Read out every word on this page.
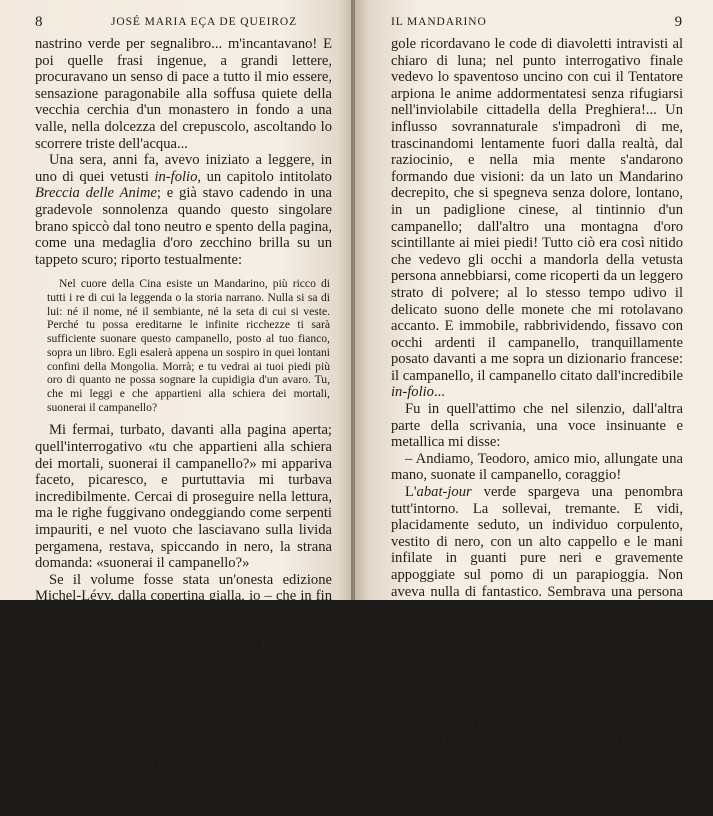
8	JOSÉ MARIA EÇA DE QUEIROZ

nastrino verde per segnalibro... m'incantavano! E poi quelle frasi ingenue, a grandi lettere, procuravano un senso di pace a tutto il mio essere, sensazione paragonabile alla soffusa quiete della vecchia cerchia d'un monastero in fondo a una valle, nella dolcezza del crepuscolo, ascoltando lo scorrere triste dell'acqua...

Una sera, anni fa, avevo iniziato a leggere, in uno di quei vetusti in-folio, un capitolo intitolato Breccia delle Anime; e già stavo cadendo in una gradevole sonnolenza quando questo singolare brano spiccò dal tono neutro e spento della pagina, come una medaglia d'oro zecchino brilla su un tappeto scuro; riporto testualmente:

Nel cuore della Cina esiste un Mandarino, più ricco di tutti i re di cui la leggenda o la storia narrano. Nulla si sa di lui: né il nome, né il sembiante, né la seta di cui si veste. Perché tu possa ereditarne le infinite ricchezze ti sarà sufficiente suonare questo campanello, posto al tuo fianco, sopra un libro. Egli esalerà appena un sospiro in quei lontani confini della Mongolia. Morrà; e tu vedrai ai tuoi piedi più oro di quanto ne possa sognare la cupidigia d'un avaro. Tu, che mi leggi e che appartieni alla schiera dei mortali, suonerai il campanello?

Mi fermai, turbato, davanti alla pagina aperta; quell'interrogativo «tu che appartieni alla schiera dei mortali, suonerai il campanello?» mi appariva faceto, picaresco, e purtuttavia mi turbava incredibilmente. Cercai di proseguire nella lettura, ma le righe fuggivano ondeggiando come serpenti impauriti, e nel vuoto che lasciavano sulla livida pergamena, restava, spiccando in nero, la strana domanda: «suonerai il campanello?»

Se il volume fosse stata un'onesta edizione Michel-Lévy, dalla copertina gialla, io – che in fin dei conti non m'ero smarrito nel ginepraio d'una ballata tedesca, e che dal mio balcone potevo veder biancheggiare alla luce dei gas le correggie della pattuglia di guardia – avrei semplicemente chiuso il libro, dissipando la nervosa allucinazione. Ma quel fosco in-folio pareva esalare una magia; ogni lettera simulava gli inquietanti contorni dei simboli dell'antica cabala, ciascuno dei quali racchiude un suo significato profetico; i petulanti riccioli delle vir-

IL MANDARINO	9

gole ricordavano le code di diavoletti intravisti al chiaro di luna; nel punto interrogativo finale vedevo lo spaventoso uncino con cui il Tentatore arpiona le anime addormentatesi senza rifugiarsi nell'inviolabile cittadella della Preghiera!... Un influsso sovrannaturale s'impadronì di me, trascinandomi lentamente fuori dalla realtà, dal raziocinio, e nella mia mente s'andarono formando due visioni: da un lato un Mandarino decrepito, che si spegneva senza dolore, lontano, in un padiglione cinese, al tintinnio d'un campanello; dall'altro una montagna d'oro scintillante ai miei piedi! Tutto ciò era così nitido che vedevo gli occhi a mandorla della vetusta persona annebbiarsi, come ricoperti da un leggero strato di polvere; al lo stesso tempo udivo il delicato suono delle monete che mi rotolavano accanto. E immobile, rabbrividendo, fissavo con occhi ardenti il campanello, tranquillamente posato davanti a me sopra un dizionario francese: il campanello, il campanello citato dall'incredibile in-folio...

Fu in quell'attimo che nel silenzio, dall'altra parte della scrivania, una voce insinuante e metallica mi disse:

– Andiamo, Teodoro, amico mio, allungate una mano, suonate il campanello, coraggio!

L'abat-jour verde spargeva una penombra tutt'intorno. La sollevai, tremante. E vidi, placidamente seduto, un individuo corpulento, vestito di nero, con un alto cappello e le mani infilate in guanti pure neri e gravemente appoggiate sul pomo di un parapioggia. Non aveva nulla di fantastico. Sembrava una persona normale, del ceto medio, quasi un collega del mio stesso ufficio...

La sua diversità si concentrava nel volto, senza barba, dalle linee forti e marcate; un naso pungente e aquilino gli conferiva un'espressione rapace e minacciosa, come quella d'un becco; il taglio delle labbra, oltremodo deciso, gli disegnava una bocca d'estrema durezza; gli occhi, quando fissavano, parevano lampi d'uno sparo balenati all'improvviso dai tenebrosi cespugli delle sue sopracciglia unite; era livido ma, qua e là, sulla pelle, gli correvano venature sanguigne come in un vecchio marmo fenicio.
